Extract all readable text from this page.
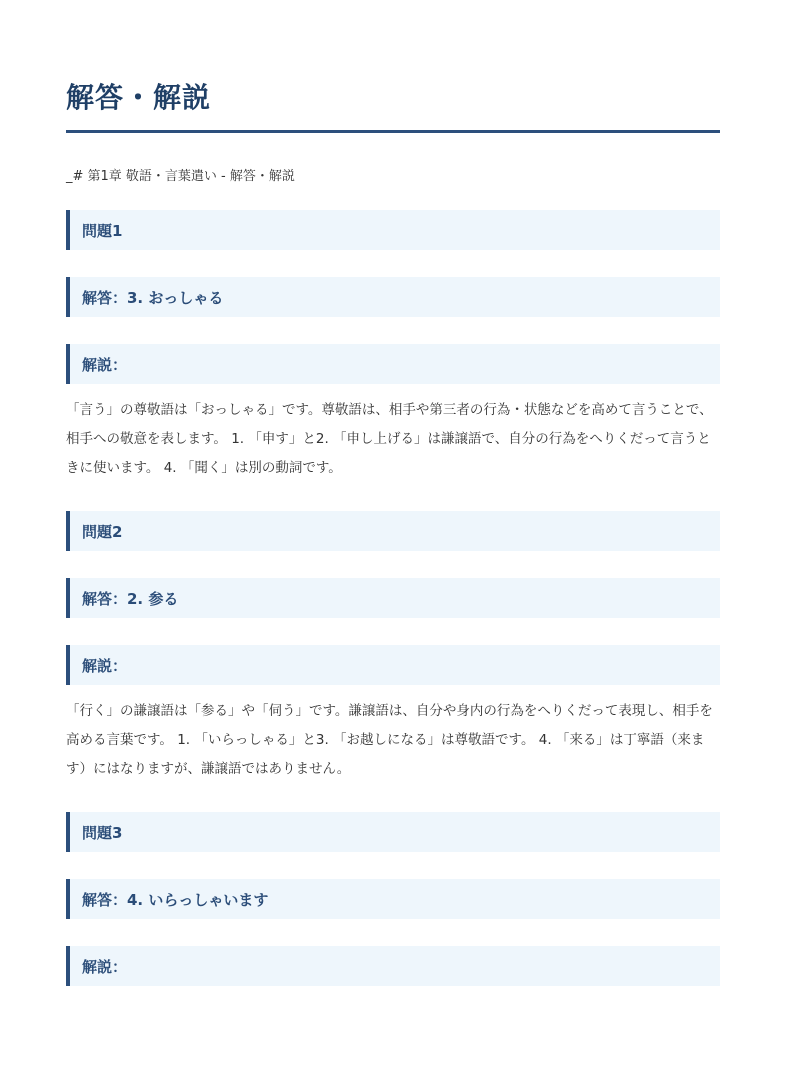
解答・解説
_# 第1章 敬語・言葉遣い - 解答・解説
問題1
解答：3. おっしゃる
解説：

「言う」の尊敬語は「おっしゃる」です。尊敬語は、相手や第三者の行為・状態などを高めて言うことで、相手への敬意を表します。 1. 「申す」と2. 「申し上げる」は謙譲語で、自分の行為をへりくだって言うときに使います。 4. 「聞く」は別の動詞です。

問題2
解答：2. 参る
解説：

「行く」の謙譲語は「参る」や「伺う」です。謙譲語は、自分や身内の行為をへりくだって表現し、相手を高める言葉です。 1. 「いらっしゃる」と3. 「お越しになる」は尊敬語です。 4. 「来る」は丁寧語（来ます）にはなりますが、謙譲語ではありません。

問題3
解答：4. いらっしゃいます
解説：
